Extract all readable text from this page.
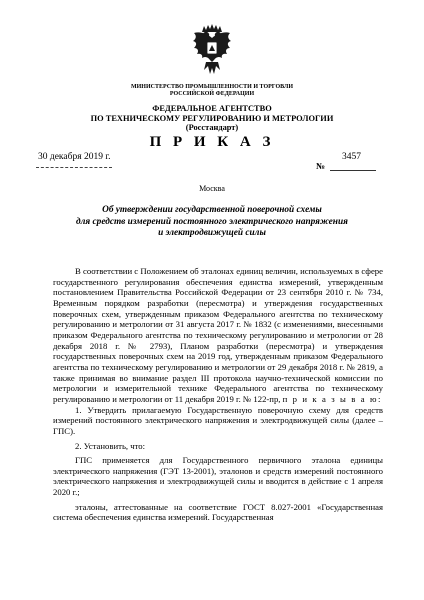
МИНИСТЕРСТВО ПРОМЫШЛЕННОСТИ И ТОРГОВЛИ
РОССИЙСКОЙ ФЕДЕРАЦИИ
ФЕДЕРАЛЬНОЕ АГЕНТСТВО
ПО ТЕХНИЧЕСКОМУ РЕГУЛИРОВАНИЮ И МЕТРОЛОГИИ
(Росстандарт)
П Р И К А З
30 декабря 2019 г.	3457
№
Москва
Об утверждении государственной поверочной схемы
для средств измерений постоянного электрического напряжения
и электродвижущей силы

В соответствии с Положением об эталонах единиц величин, используемых в сфере государственного регулирования обеспечения единства измерений, утвержденным постановлением Правительства Российской Федерации от 23 сентября 2010 г. № 734, Временным порядком разработки (пересмотра) и утверждения государственных поверочных схем, утвержденным приказом Федерального агентства по техническому регулированию и метрологии от 31 августа 2017 г. № 1832 (с изменениями, внесенными приказом Федерального агентства по техническому регулированию и метрологии от 28 декабря 2018 г. № 2793), Планом разработки (пересмотра) и утверждения государственных поверочных схем на 2019 год, утвержденным приказом Федерального агентства по техническому регулированию и метрологии от 29 декабря 2018 г. № 2819, а также принимая во внимание раздел III протокола научно-технической комиссии по метрологии и измерительной технике Федерального агентства по техническому регулированию и метрологии от 11 декабря 2019 г. № 122-пр, п р и к а з ы в а ю:

1. Утвердить прилагаемую Государственную поверочную схему для средств измерений постоянного электрического напряжения и электродвижущей силы (далее – ГПС).

2. Установить, что:

ГПС применяется для Государственного первичного эталона единицы электрического напряжения (ГЭТ 13-2001), эталонов и средств измерений постоянного электрического напряжения и электродвижущей силы и вводится в действие с 1 апреля 2020 г.;

эталоны, аттестованные на соответствие ГОСТ 8.027-2001 «Государственная система обеспечения единства измерений. Государственная
